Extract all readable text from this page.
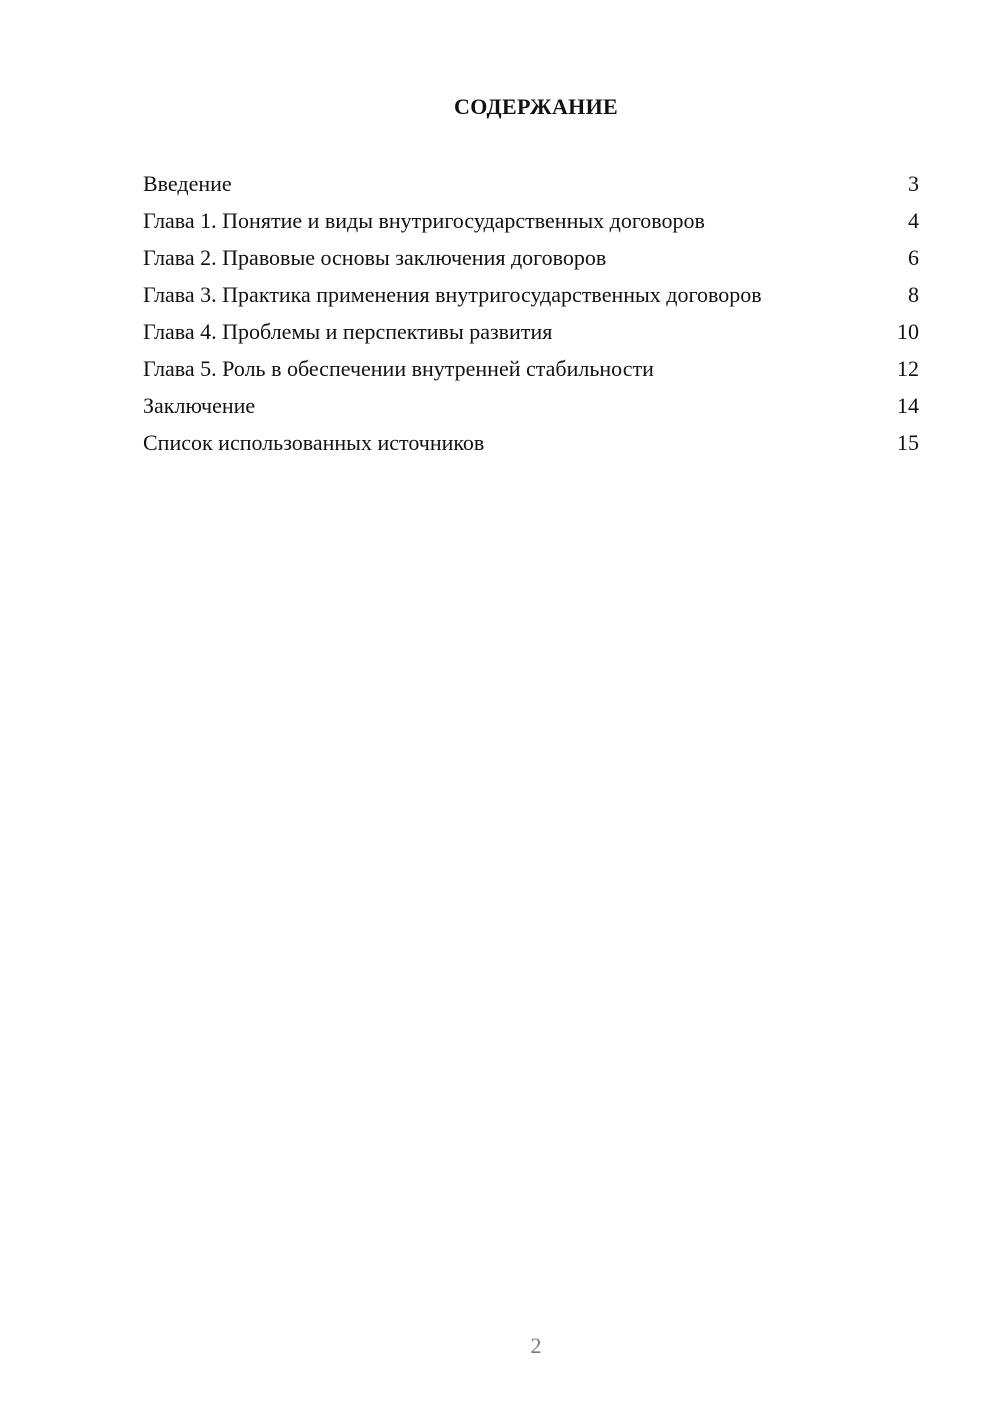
СОДЕРЖАНИЕ
Введение	3
Глава 1. Понятие и виды внутригосударственных договоров	4
Глава 2. Правовые основы заключения договоров	6
Глава 3. Практика применения внутригосударственных договоров	8
Глава 4. Проблемы и перспективы развития	10
Глава 5. Роль в обеспечении внутренней стабильности	12
Заключение	14
Список использованных источников	15
2
